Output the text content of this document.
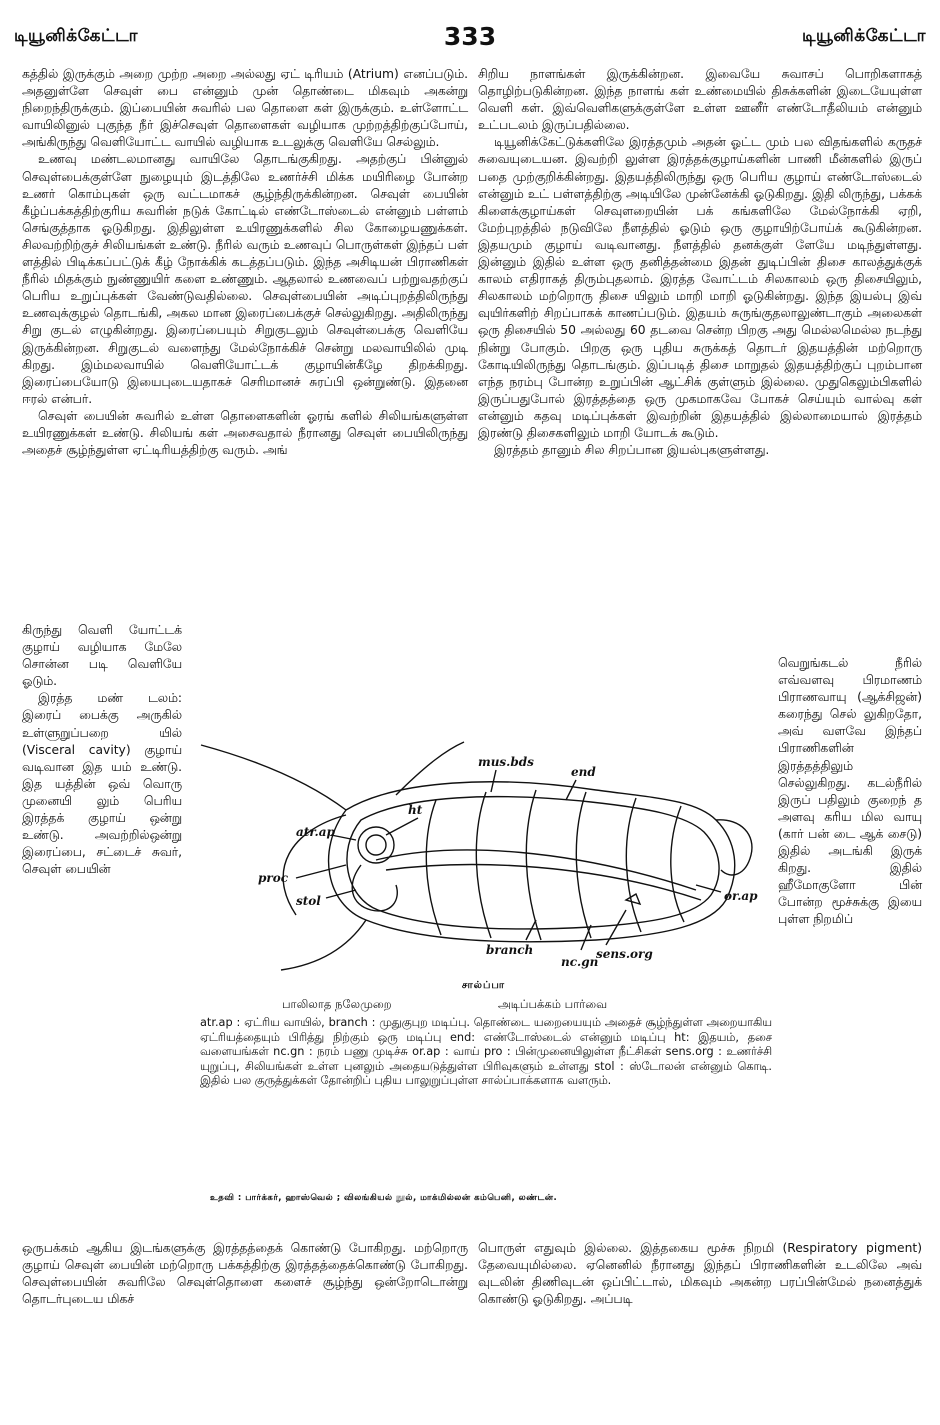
டியூனிக்கேட்டா	333	டியூனிக்கேட்டா

கத்தில் இருக்கும் அறை முற்ற அறை அல்லது ஏட் டிரியம் (Atrium) எனப்படும். அதனுள்ளே செவுள் பை என்னும் முன் தொண்டை மிகவும் அகன்று நிறைந்திருக்கும். இப்பையின் சுவரில் பல தொளை கள் இருக்கும். உள்ளோட்ட வாயிலினுல் புகுந்த நீர் இச்செவுள் தொளைகள் வழியாக முற்றத்திற்குப்போய், அங்கிருந்து வெளியோட்ட வாயில் வழியாக உடலுக்கு வெளியே செல்லும்.

உணவு மண்டலமானது வாயிலே தொடங்குகிறது. அதற்குப் பின்னுல் செவுள்பைக்குள்ளே நுழையும் இடத்திலே உணர்ச்சி மிக்க மயிரிழை போன்ற உணர் கொம்புகள் ஒரு வட்டமாகச் சூழ்ந்திருக்கின்றன. செவுள் பையின் கீழ்ப்பக்கத்திற்குரிய சுவரின் நடுக் கோட்டில் எண்டோஸ்டைல் என்னும் பள்ளம் செங்குத்தாக ஓடுகிறது. இதிலுள்ள உயிரணுக்களில் சில கோழையணுக்கள். சிலவற்றிற்குச் சிலியங்கள் உண்டு. நீரில் வரும் உணவுப் பொருள்கள் இந்தப் பள் ளத்தில் பிடிக்கப்பட்டுக் கீழ் நோக்கிக் கடத்தப்படும். இந்த அசிடியன் பிராணிகள் நீரில் மிதக்கும் நுண்ணுயிர் களை உண்ணும். ஆதலால் உணவைப் பற்றுவதற்குப் பெரிய உறுப்புக்கள் வேண்டுவதில்லை. செவுள்பையின் அடிப்புறத்திலிருந்து உணவுக்குழல் தொடங்கி, அகல மான இரைப்பைக்குச் செல்லுகிறது. அதிலிருந்து சிறு குடல் எழுகின்றது. இரைப்பையும் சிறுகுடலும் செவுள்பைக்கு வெளியே இருக்கின்றன. சிறுகுடல் வளைந்து மேல்நோக்கிச் சென்று மலவாயிலில் முடி கிறது. இம்மலவாயில் வெளியோட்டக் குழாயின்கீழே திறக்கிறது. இரைப்பையோடு இயைபுடையதாகச் செரிமானச் சுரப்பி ஒன்றுண்டு. இதனை ஈரல் என்பர்.

செவுள் பையின் சுவரில் உள்ள தொளைகளின் ஓரங் களில் சிலியங்களுள்ள உயிரணுக்கள் உண்டு. சிலியங் கள் அசைவதால் நீரானது செவுள் பையிலிருந்து அதைச் சூழ்ந்துள்ள ஏட்டிரியத்திற்கு வரும். அங்

கிருந்து வெளி யோட்டக் குழாய் வழியாக மேலே சொன்ன படி வெளியே ஓடும்.

இரத்த மண் டலம்: இரைப் பைக்கு அருகில் உள்ளுறுப்பறை யில் (Visceral cavity) குழாய் வடிவான இத யம் உண்டு. இத யத்தின் ஒவ் வொரு முனையி லும் பெரிய இரத்தக் குழாய் ஒன்று உண்டு. அவற்றில்ஒன்று இரைப்பை, சட்டைச் சுவர், செவுள் பையின்

ஒருபக்கம் ஆகிய இடங்களுக்கு இரத்தத்தைக் கொண்டு போகிறது. மற்றொரு குழாய் செவுள் பையின் மற்றொரு பக்கத்திற்கு இரத்தத்தைக்கொண்டு போகிறது. செவுள்பையின் சுவரிலே செவுள்தொளை களைச் சூழ்ந்து ஒன்றோடொன்று தொடர்புடைய மிகச்

சிறிய நாளங்கள் இருக்கின்றன. இவையே சுவாசப் பொறிகளாகத் தொழிற்படுகின்றன. இந்த நாளங் கள் உண்மையில் திசுக்களின் இடையேயுள்ள வெளி கள். இவ்வெளிகளுக்குள்ளே உள்ள ஊனீர் எண்டோதீலியம் என்னும் உட்படலம் இருப்பதில்லை.

டியூனிக்கேட்டுக்களிலே இரத்தமும் அதன் ஓட்ட மும் பல விதங்களில் கருதச் சுவையுடையன. இவற்றி லுள்ள இரத்தக்குழாய்களின் பாணி மீன்களில் இருப் பதை முற்குறிக்கின்றது. இதயத்திலிருந்து ஒரு பெரிய குழாய் எண்டோஸ்டைல் என்னும் உட் பள்ளத்திற்கு அடியிலே முன்னேக்கி ஓடுகிறது. இதி லிருந்து, பக்கக் கிளைக்குழாய்கள் செவுளறையின் பக் கங்களிலே மேல்நோக்கி ஏறி, மேற்புறத்தில் நடுவிலே நீளத்தில் ஓடும் ஒரு குழாயிற்போய்க் கூடுகின்றன. இதயமும் குழாய் வடிவானது. நீளத்தில் தனக்குள் ளேயே மடிந்துள்ளது. இன்னும் இதில் உள்ள ஒரு தனித்தன்மை இதன் துடிப்பின் திசை காலத்துக்குக் காலம் எதிராகத் திரும்புதலாம். இரத்த வோட்டம் சிலகாலம் ஒரு திசையிலும், சிலகாலம் மற்றொரு திசை யிலும் மாறி மாறி ஓடுகின்றது. இந்த இயல்பு இவ் வுயிர்களிற் சிறப்பாகக் காணப்படும். இதயம் சுருங்குதலாலுண்டாகும் அலைகள் ஒரு திசையில் 50 அல்லது 60 தடவை சென்ற பிறகு அது மெல்லமெல்ல நடந்து நின்று போகும். பிறகு ஒரு புதிய சுருக்கத் தொடர் இதயத்தின் மற்றொரு கோடியிலிருந்து தொடங்கும். இப்படித் திசை மாறுதல் இதயத்திற்குப் புறம்பான எந்த நரம்பு போன்ற உறுப்பின் ஆட்சிக் குள்ளும் இல்லை. முதுகெலும்பிகளில் இருப்பதுபோல் இரத்தத்தை ஒரு முகமாகவே போகச் செய்யும் வால்வு கள் என்னும் கதவு மடிப்புக்கள் இவற்றின் இதயத்தில் இல்லாமையால் இரத்தம் இரண்டு திசைகளிலும் மாறி யோடக் கூடும்.

இரத்தம் தானும் சில சிறப்பான இயல்புகளுள்ளது.

வெறுங்கடல் நீரில் எவ்வளவு பிரமாணம் பிராணவாயு (ஆக்சிஜன்) கரைந்து செல் லுகிறதோ, அவ் வளவே இந்தப் பிராணிகளின் இரத்தத்திலும் செல்லுகிறது. கடல்நீரில் இருப் பதிலும் குறைந் த அளவு கரிய மில வாயு (கார் பன் டை ஆக் சைடு) இதில் அடங்கி இருக் கிறது. இதில் ஹீமோகுளோ பின் போன்ற மூச்சுக்கு இயை புள்ள நிறமிப்

பொருள் எதுவும் இல்லை. இத்தகைய மூச்சு நிறமி (Respiratory pigment) தேவையுமில்லை. ஏனெனில் நீரானது இந்தப் பிராணிகளின் உடலிலே அவ் வுடலின் திணிவுடன் ஒப்பிட்டால், மிகவும் அகன்ற பரப்பின்மேல் நனைத்துக் கொண்டு ஓடுகிறது. அப்படி

ht
mus.bds
end
atr.ap
proc
stol	or.ap
branch	sens.org
nc.gn
சால்ப்பா
பாலிலாத நலேமுறை	அடிப்பக்கம் பார்வை
atr.ap : ஏட்ரிய வாயில், branch : முதுகுபுற மடிப்பு. தொண்டை யறையையும் அதைச் சூழ்ந்துள்ள அறையாகிய ஏட்ரியத்தையும் பிரித்து நிற்கும் ஒரு மடிப்பு end: எண்டோஸ்டைல் என்னும் மடிப்பு ht: இதயம், தசை வளையங்கள் nc.gn : நரம் பணு முடிச்சு or.ap : வாய் pro : பின்முனையிலுள்ள நீட்சிகள் sens.org : உணர்ச்சி யுறுப்பு, சிலியங்கள் உள்ள புனலும் அதையடுத்துள்ள பிரிவுகளும் உள்ளது stol : ஸ்டோலன் என்னும் கொடி. இதில் பல குருத்துக்கள் தோன்றிப் புதிய பாலுறுப்புள்ள சால்ப்பாக்களாக வளரும்.
உதவி : பார்க்கர், ஹாஸ்வெல் ; விலங்கியல் நூல், மாக்மில்லன் கம்பெனி, லண்டன்.
